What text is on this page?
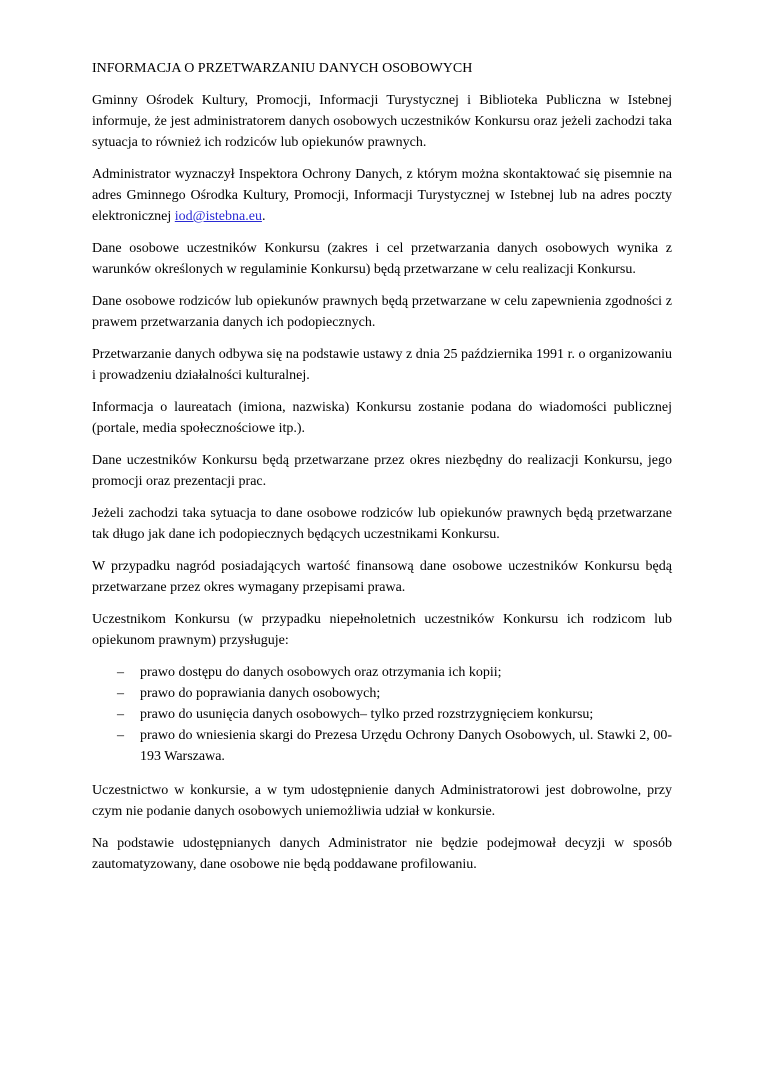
INFORMACJA O PRZETWARZANIU DANYCH OSOBOWYCH

Gminny Ośrodek Kultury, Promocji, Informacji Turystycznej i Biblioteka Publiczna w Istebnej informuje, że jest administratorem danych osobowych uczestników Konkursu oraz jeżeli zachodzi taka sytuacja to również ich rodziców lub opiekunów prawnych.

Administrator wyznaczył Inspektora Ochrony Danych, z którym można skontaktować się pisemnie na adres Gminnego Ośrodka Kultury, Promocji, Informacji Turystycznej w Istebnej lub na adres poczty elektronicznej iod@istebna.eu.

Dane osobowe uczestników Konkursu (zakres i cel przetwarzania danych osobowych wynika z warunków określonych w regulaminie Konkursu) będą przetwarzane w celu realizacji Konkursu.

Dane osobowe rodziców lub opiekunów prawnych będą przetwarzane w celu zapewnienia zgodności z prawem przetwarzania danych ich podopiecznych.

Przetwarzanie danych odbywa się na podstawie ustawy z dnia 25 października 1991 r. o organizowaniu i prowadzeniu działalności kulturalnej.

Informacja o laureatach (imiona, nazwiska) Konkursu zostanie podana do wiadomości publicznej (portale, media społecznościowe itp.).

Dane uczestników Konkursu będą przetwarzane przez okres niezbędny do realizacji Konkursu, jego promocji oraz prezentacji prac.

Jeżeli zachodzi taka sytuacja to dane osobowe rodziców lub opiekunów prawnych będą przetwarzane tak długo jak dane ich podopiecznych będących uczestnikami Konkursu.

W przypadku nagród posiadających wartość finansową dane osobowe uczestników Konkursu będą przetwarzane przez okres wymagany przepisami prawa.

Uczestnikom Konkursu (w przypadku niepełnoletnich uczestników Konkursu ich rodzicom lub opiekunom prawnym) przysługuje:

– prawo dostępu do danych osobowych oraz otrzymania ich kopii;
– prawo do poprawiania danych osobowych;
– prawo do usunięcia danych osobowych– tylko przed rozstrzygnięciem konkursu;
– prawo do wniesienia skargi do Prezesa Urzędu Ochrony Danych Osobowych, ul. Stawki 2, 00-193 Warszawa.

Uczestnictwo w konkursie, a w tym udostępnienie danych Administratorowi jest dobrowolne, przy czym nie podanie danych osobowych uniemożliwia udział w konkursie.

Na podstawie udostępnianych danych Administrator nie będzie podejmował decyzji w sposób zautomatyzowany, dane osobowe nie będą poddawane profilowaniu.
